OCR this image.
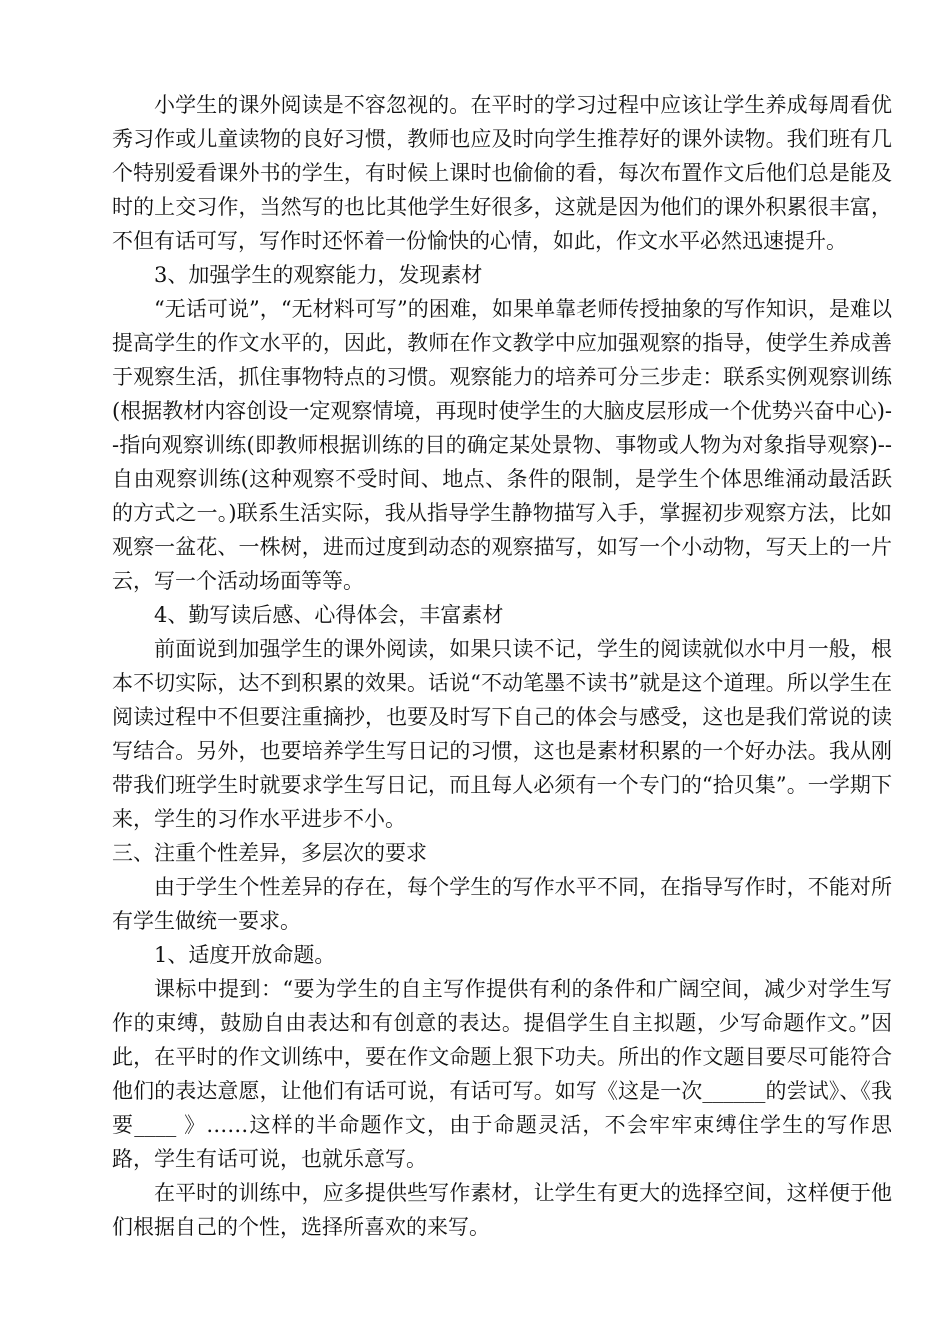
小学生的课外阅读是不容忽视的。在平时的学习过程中应该让学生养成每周看优秀习作或儿童读物的良好习惯，教师也应及时向学生推荐好的课外读物。我们班有几个特别爱看课外书的学生，有时候上课时也偷偷的看，每次布置作文后他们总是能及时的上交习作，当然写的也比其他学生好很多，这就是因为他们的课外积累很丰富，不但有话可写，写作时还怀着一份愉快的心情，如此，作文水平必然迅速提升。

3、加强学生的观察能力，发现素材

“无话可说”，“无材料可写”的困难，如果单靠老师传授抽象的写作知识，是难以提高学生的作文水平的，因此，教师在作文教学中应加强观察的指导，使学生养成善于观察生活，抓住事物特点的习惯。观察能力的培养可分三步走：联系实例观察训练(根据教材内容创设一定观察情境，再现时使学生的大脑皮层形成一个优势兴奋中心)--指向观察训练(即教师根据训练的目的确定某处景物、事物或人物为对象指导观察)--自由观察训练(这种观察不受时间、地点、条件的限制，是学生个体思维涌动最活跃的方式之一。)联系生活实际，我从指导学生静物描写入手，掌握初步观察方法，比如观察一盆花、一株树，进而过度到动态的观察描写，如写一个小动物，写天上的一片云，写一个活动场面等等。

4、勤写读后感、心得体会，丰富素材

前面说到加强学生的课外阅读，如果只读不记，学生的阅读就似水中月一般，根本不切实际，达不到积累的效果。话说“不动笔墨不读书”就是这个道理。所以学生在阅读过程中不但要注重摘抄，也要及时写下自己的体会与感受，这也是我们常说的读写结合。另外，也要培养学生写日记的习惯，这也是素材积累的一个好办法。我从刚带我们班学生时就要求学生写日记，而且每人必须有一个专门的“拾贝集”。一学期下来，学生的习作水平进步不小。

三、注重个性差异，多层次的要求

由于学生个性差异的存在，每个学生的写作水平不同，在指导写作时，不能对所有学生做统一要求。

1、适度开放命题。

课标中提到：“要为学生的自主写作提供有利的条件和广阔空间，减少对学生写作的束缚，鼓励自由表达和有创意的表达。提倡学生自主拟题，少写命题作文。”因此，在平时的作文训练中，要在作文命题上狠下功夫。所出的作文题目要尽可能符合他们的表达意愿，让他们有话可说，有话可写。如写《这是一次______的尝试》、《我要____ 》……这样的半命题作文，由于命题灵活，不会牢牢束缚住学生的写作思路，学生有话可说，也就乐意写。

在平时的训练中，应多提供些写作素材，让学生有更大的选择空间，这样便于他们根据自己的个性，选择所喜欢的来写。
